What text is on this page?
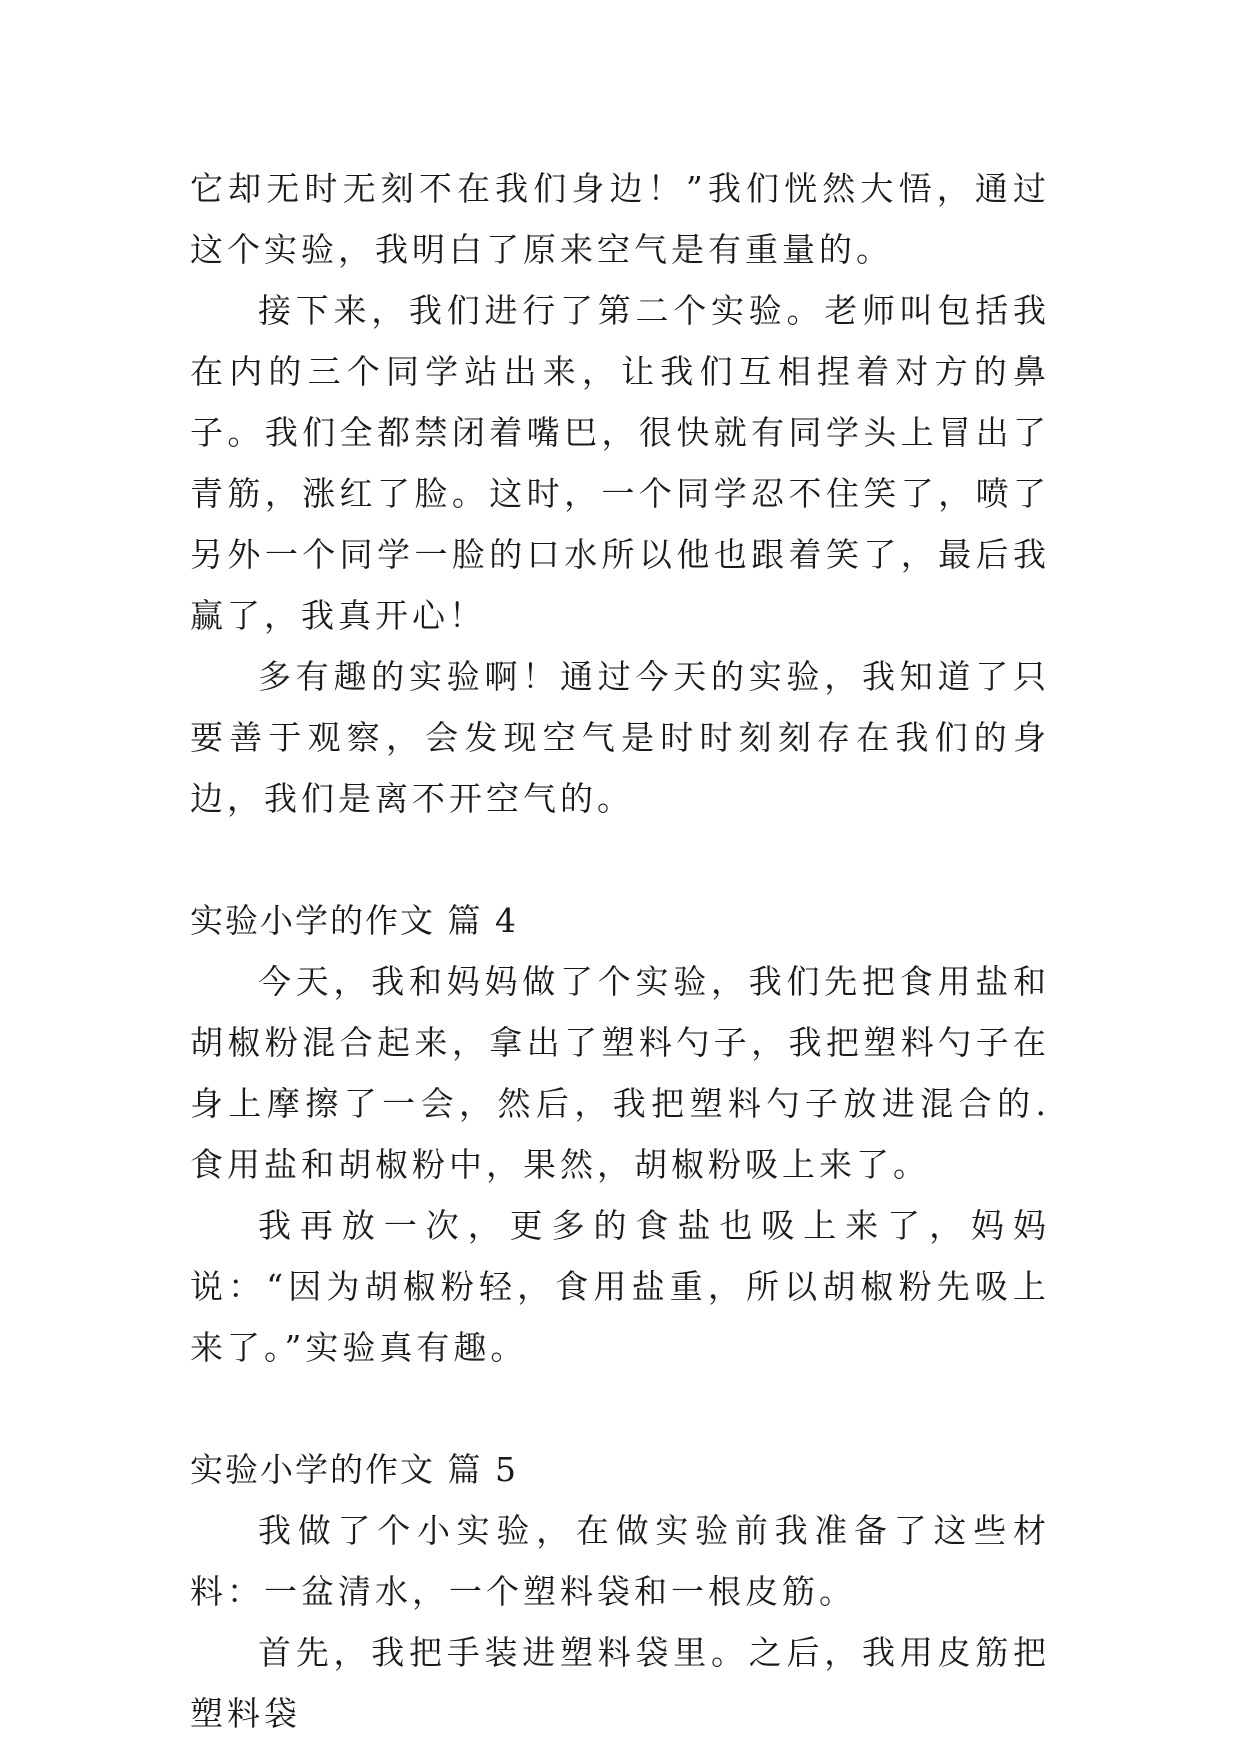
它却无时无刻不在我们身边！”我们恍然大悟，通过这个实验，我明白了原来空气是有重量的。

接下来，我们进行了第二个实验。老师叫包括我在内的三个同学站出来，让我们互相捏着对方的鼻子。我们全都禁闭着嘴巴，很快就有同学头上冒出了青筋，涨红了脸。这时，一个同学忍不住笑了，喷了另外一个同学一脸的口水所以他也跟着笑了，最后我赢了，我真开心！

多有趣的实验啊！通过今天的实验，我知道了只要善于观察，会发现空气是时时刻刻存在我们的身边，我们是离不开空气的。

实验小学的作文 篇 4

今天，我和妈妈做了个实验，我们先把食用盐和胡椒粉混合起来，拿出了塑料勺子，我把塑料勺子在身上摩擦了一会，然后，我把塑料勺子放进混合的.食用盐和胡椒粉中，果然，胡椒粉吸上来了。

我再放一次，更多的食盐也吸上来了，妈妈说：“因为胡椒粉轻，食用盐重，所以胡椒粉先吸上来了。”实验真有趣。

实验小学的作文 篇 5

我做了个小实验，在做实验前我准备了这些材料：一盆清水，一个塑料袋和一根皮筋。

首先，我把手装进塑料袋里。之后，我用皮筋把塑料袋
